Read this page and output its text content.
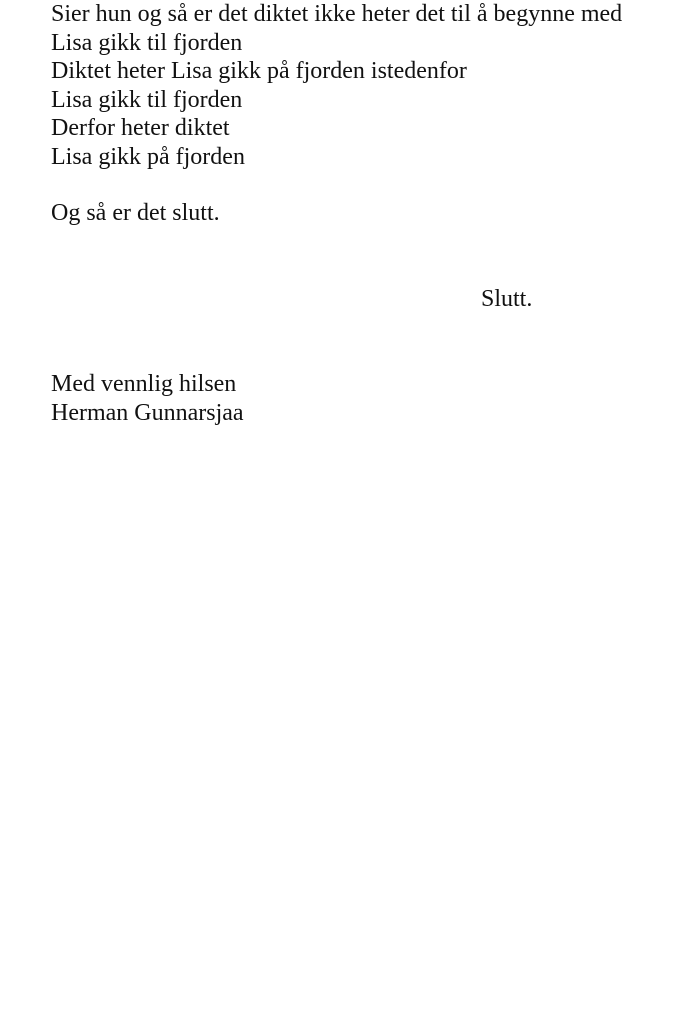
Sier hun og så er det diktet ikke heter det til å begynne med
Lisa gikk til fjorden
Diktet heter Lisa gikk på fjorden istedenfor
Lisa gikk til fjorden
Derfor heter diktet
Lisa gikk på fjorden
Og så er det slutt.
Slutt.
Med vennlig hilsen
Herman Gunnarsjaa
